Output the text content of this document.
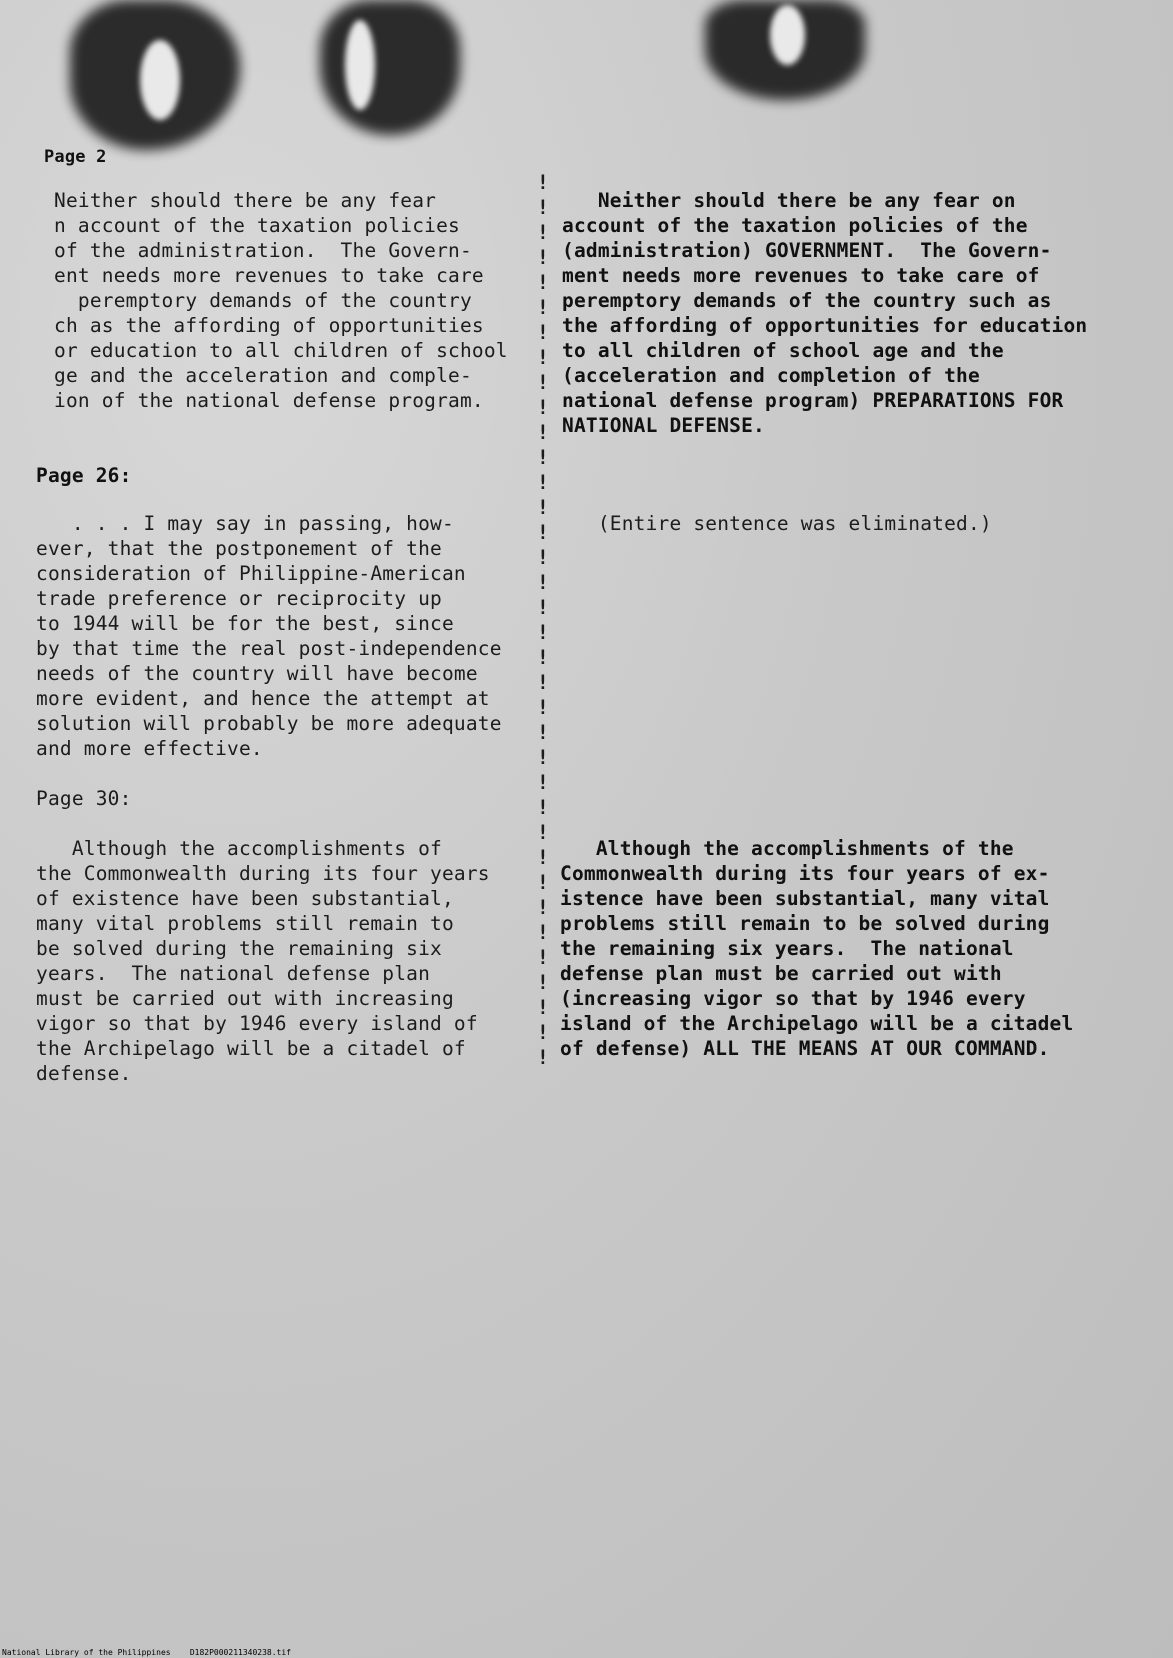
Page 2

Neither should there be any fear
n account of the taxation policies
of the administration.  The Govern-
ent needs more revenues to take care
peremptory demands of the country
ch as the affording of opportunities
or education to all children of school
ge and the acceleration and comple-
ion of the national defense program.
Neither should there be any fear on
account of the taxation policies of the
(administration) GOVERNMENT.  The Govern-
ment needs more revenues to take care of
peremptory demands of the country such as
the affording of opportunities for education
to all children of school age and the
(acceleration and completion of the
national defense program) PREPARATIONS FOR
NATIONAL DEFENSE.

Page 26:

. . . I may say in passing, how-
ever, that the postponement of the
consideration of Philippine-American
trade preference or reciprocity up
to 1944 will be for the best, since
by that time the real post-independence
needs of the country will have become
more evident, and hence the attempt at
solution will probably be more adequate
and more effective.
(Entire sentence was eliminated.)

Page 30:

Although the accomplishments of
the Commonwealth during its four years
of existence have been substantial,
many vital problems still remain to
be solved during the remaining six
years.  The national defense plan
must be carried out with increasing
vigor so that by 1946 every island of
the Archipelago will be a citadel of
defense.
Although the accomplishments of the
Commonwealth during its four years of ex-
istence have been substantial, many vital
problems still remain to be solved during
the remaining six years.  The national
defense plan must be carried out with
(increasing vigor so that by 1946 every
island of the Archipelago will be a citadel
of defense) ALL THE MEANS AT OUR COMMAND.
!
!
!
!
!
!
!
!
!
!
!
!
!
!
!
!
!
!
!
!
!
!
!
!
!
!
!
!
!
!
!
!
!
!
!
!

National Library of the Philippines    D182P000211340238.tif
